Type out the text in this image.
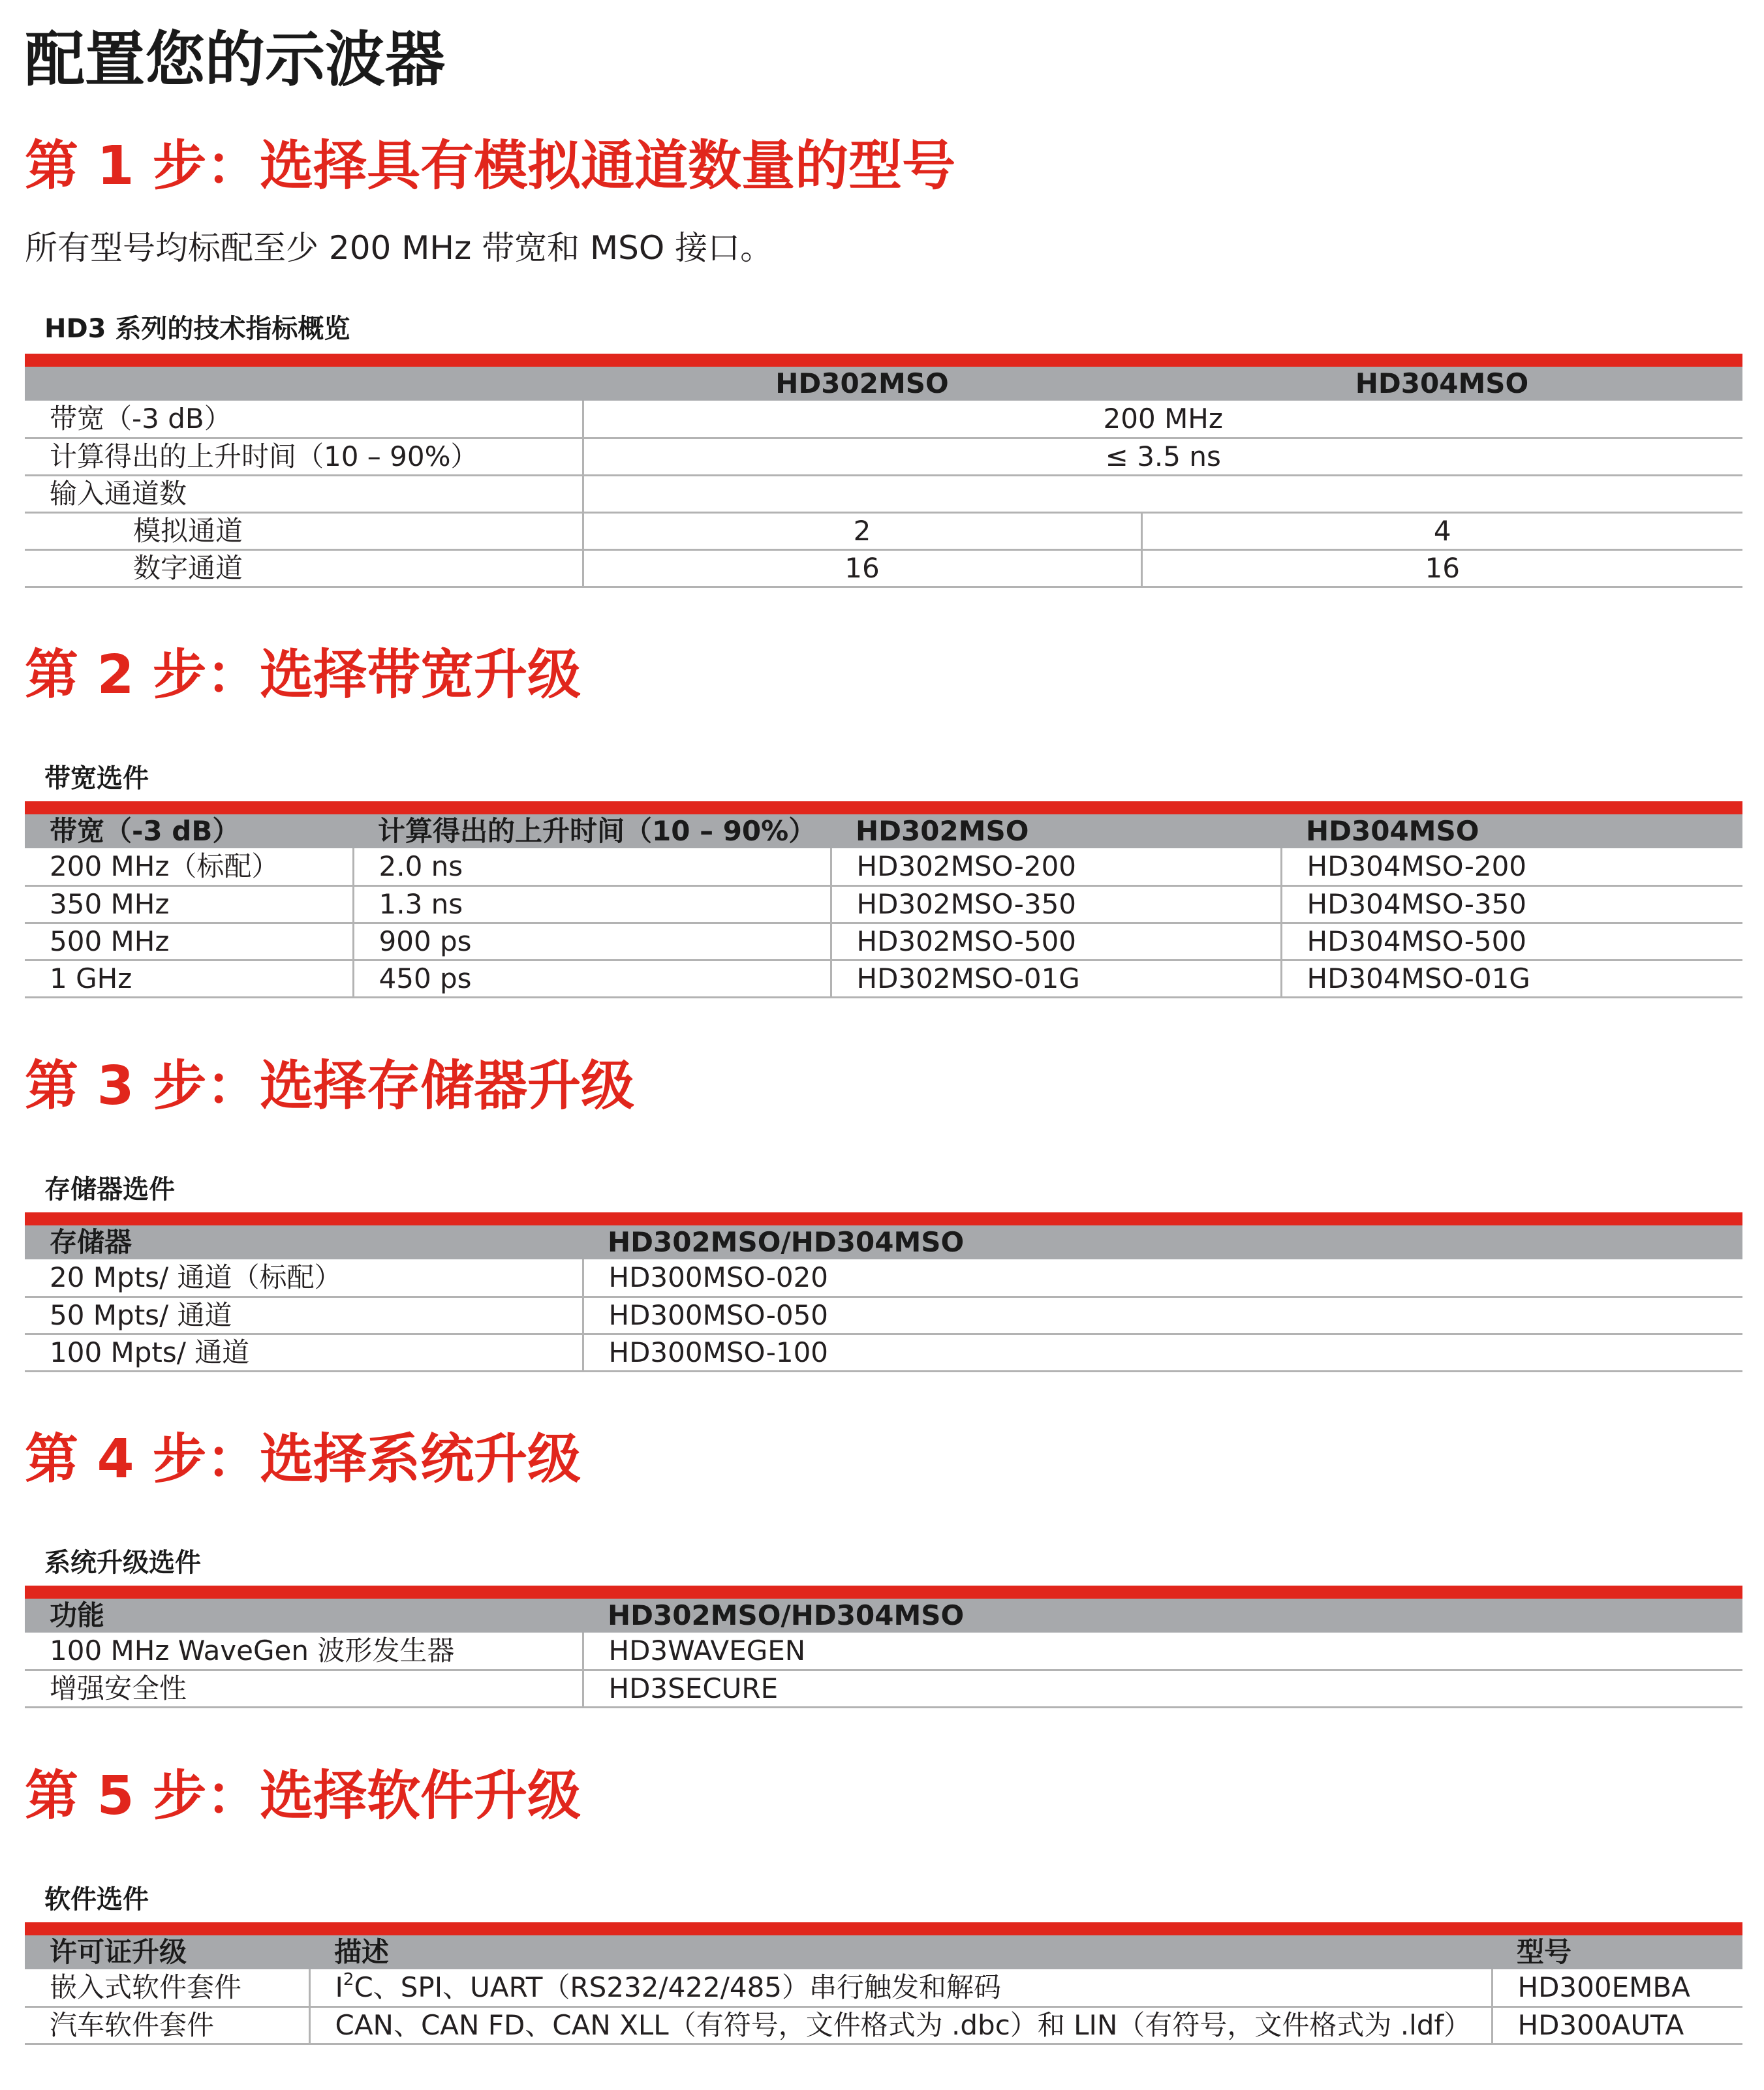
配置您的示波器
第 1 步：选择具有模拟通道数量的型号
所有型号均标配至少 200 MHz 带宽和 MSO 接口。
HD3 系列的技术指标概览
	HD302MSO	HD304MSO
带宽（-3 dB）	200 MHz	
计算得出的上升时间（10 – 90%）	≤ 3.5 ns	
输入通道数		
模拟通道	2	4
数字通道	16	16
第 2 步：选择带宽升级
带宽选件
带宽（-3 dB）	计算得出的上升时间（10 – 90%）	HD302MSO	HD304MSO
200 MHz（标配）	2.0 ns	HD302MSO-200	HD304MSO-200
350 MHz	1.3 ns	HD302MSO-350	HD304MSO-350
500 MHz	900 ps	HD302MSO-500	HD304MSO-500
1 GHz	450 ps	HD302MSO-01G	HD304MSO-01G
第 3 步：选择存储器升级
存储器选件
存储器	HD302MSO/HD304MSO
20 Mpts/ 通道（标配）	HD300MSO-020
50 Mpts/ 通道	HD300MSO-050
100 Mpts/ 通道	HD300MSO-100
第 4 步：选择系统升级
系统升级选件
功能	HD302MSO/HD304MSO
100 MHz WaveGen 波形发生器	HD3WAVEGEN
增强安全性	HD3SECURE
第 5 步：选择软件升级
软件选件
许可证升级	描述	型号
嵌入式软件套件	$I^2C$、SPI、UART（RS232/422/485）串行触发和解码	HD300EMBA
汽车软件套件	CAN、CAN FD、CAN XLL（有符号，文件格式为 .dbc）和 LIN（有符号，文件格式为 .ldf）	HD300AUTA
